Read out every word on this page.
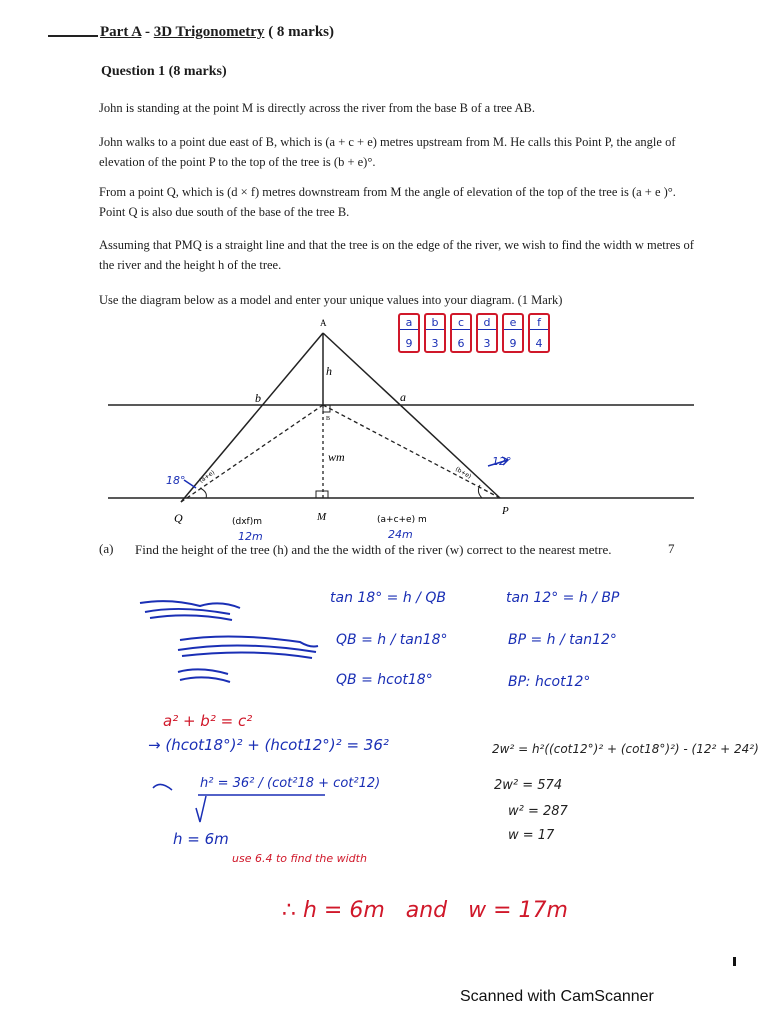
Part A - 3D Trigonometry ( 8 marks)
Question 1 (8 marks)
John is standing at the point M is directly across the river from the base B of a tree AB.
John walks to a point due east of B, which is (a + c + e) metres upstream from M. He calls this Point P, the angle of elevation of the point P to the top of the tree is (b + e)°.
From a point Q, which is (d × f) metres downstream from M the angle of elevation of the top of the tree is (a + e )°. Point Q is also due south of the base of the tree B.
Assuming that PMQ is a straight line and that the tree is on the edge of the river, we wish to find the width w metres of the river and the height h of the tree.
Use the diagram below as a model and enter your unique values into your diagram. (1 Mark)
a
9
b
3
c
6
d
3
e
9
f
4
A
B
h
b	a
wm
Q	M	P
(a+e)	(b+e)
18°
12°
(dxf)m
12m
(a+c+e) m
24m
(a) Find the height of the tree (h) and the the width of the river (w) correct to the nearest metre.	7
tan 18° = h / QB
QB = h / tan18°
QB = hcot18°
tan 12° = h / BP
BP = h / tan12°
BP: hcot12°
a² + b² = c²
→ (hcot18°)² + (hcot12°)² = 36²
h² = 36² / (cot²18 + cot²12)
h = 6m
use 6.4 to find the width
2w² = h²((cot12°)² + (cot18°)²) - (12² + 24²)
2w² = 574
w² = 287
w = 17
∴ h = 6m   and   w = 17m
Scanned with CamScanner
